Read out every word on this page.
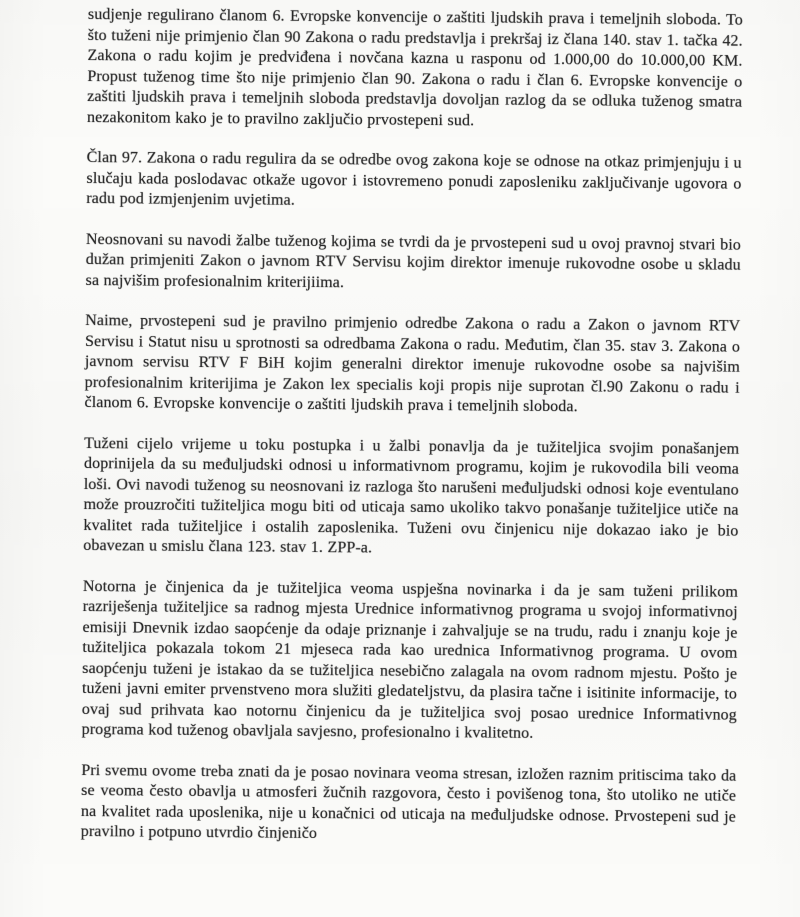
sudjenje regulirano članom 6. Evropske konvencije o zaštiti ljudskih prava i temeljnih sloboda. To što tuženi nije primjenio član 90 Zakona o radu predstavlja i prekršaj iz člana 140. stav 1. tačka 42. Zakona o radu kojim je predviđena i novčana kazna u rasponu od 1.000,00 do 10.000,00 KM. Propust tuženog time što nije primjenio član 90. Zakona o radu i član 6. Evropske konvencije o zaštiti ljudskih prava i temeljnih sloboda predstavlja dovoljan razlog da se odluka tuženog smatra nezakonitom kako je to pravilno zaključio prvostepeni sud.

Član 97. Zakona o radu regulira da se odredbe ovog zakona koje se odnose na otkaz primjenjuju i u slučaju kada poslodavac otkaže ugovor i istovremeno ponudi zaposleniku zaključivanje ugovora o radu pod izmjenjenim uvjetima.

Neosnovani su navodi žalbe tuženog kojima se tvrdi da je prvostepeni sud u ovoj pravnoj stvari bio dužan primjeniti Zakon o javnom RTV Servisu kojim direktor imenuje rukovodne osobe u skladu sa najvišim profesionalnim kriterijiima.

Naime, prvostepeni sud je pravilno primjenio odredbe Zakona o radu a Zakon o javnom RTV Servisu i Statut nisu u sprotnosti sa odredbama Zakona o radu. Međutim, član 35. stav 3. Zakona o javnom servisu RTV F BiH kojim generalni direktor imenuje rukovodne osobe sa najvišim profesionalnim kriterijima je Zakon lex specialis koji propis nije suprotan čl.90 Zakonu o radu i članom 6. Evropske konvencije o zaštiti ljudskih prava i temeljnih sloboda.

Tuženi cijelo vrijeme u toku postupka i u žalbi ponavlja da je tužiteljica svojim ponašanjem doprinijela da su međuljudski odnosi u informativnom programu, kojim je rukovodila bili veoma loši. Ovi navodi tuženog su neosnovani iz razloga što narušeni međuljudski odnosi koje eventulano može prouzročiti tužiteljica mogu biti od uticaja samo ukoliko takvo ponašanje tužiteljice utiče na kvalitet rada tužiteljice i ostalih zaposlenika. Tuženi ovu činjenicu nije dokazao iako je bio obavezan u smislu člana 123. stav 1. ZPP-a.

Notorna je činjenica da je tužiteljica veoma uspješna novinarka i da je sam tuženi prilikom razriješenja tužiteljice sa radnog mjesta Urednice informativnog programa u svojoj informativnoj emisiji Dnevnik izdao saopćenje da odaje priznanje i zahvaljuje se na trudu, radu i znanju koje je tužiteljica pokazala tokom 21 mjeseca rada kao urednica Informativnog programa. U ovom saopćenju tuženi je istakao da se tužiteljica nesebično zalagala na ovom radnom mjestu. Pošto je tuženi javni emiter prvenstveno mora služiti gledateljstvu, da plasira tačne i isitinite informacije, to ovaj sud prihvata kao notornu činjenicu da je tužiteljica svoj posao urednice Informativnog programa kod tuženog obavljala savjesno, profesionalno i kvalitetno.

Pri svemu ovome treba znati da je posao novinara veoma stresan, izložen raznim pritiscima tako da se veoma često obavlja u atmosferi žučnih razgovora, često i povišenog tona, što utoliko ne utiče na kvalitet rada uposlenika, nije u konačnici od uticaja na međuljudske odnose. Prvostepeni sud je pravilno i potpuno utvrdio činjeničo
